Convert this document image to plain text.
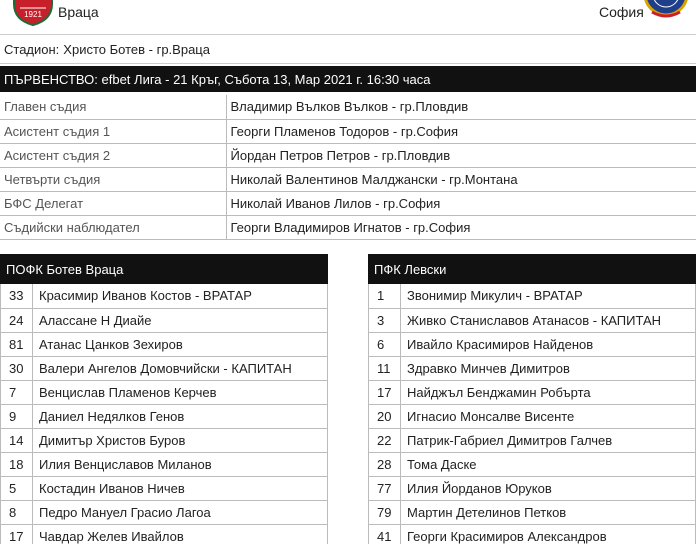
1921 Враца	София
Стадион: Христо Ботев - гр.Враца
ПЪРВЕНСТВО: efbet Лига - 21 Кръг, Събота 13, Мар 2021 г. 16:30 часа
Главен съдия	Владимир Вълков Вълков - гр.Пловдив
Асистент съдия 1	Георги Пламенов Тодоров - гр.София
Асистент съдия 2	Йордан Петров Петров - гр.Пловдив
Четвърти съдия	Николай Валентинов Малджански - гр.Монтана
БФС Делегат	Николай Иванов Лилов - гр.София
Съдийски наблюдател	Георги Владимиров Игнатов - гр.София
ПОФК Ботев Враца
33	Красимир Иванов Костов - ВРАТАР
24	Алассане Н Диайе
81	Атанас Цанков Зехиров
30	Валери Ангелов Домовчийски - КАПИТАН
7	Венцислав Пламенов Керчев
9	Даниел Недялков Генов
14	Димитър Христов Буров
18	Илия Венциславов Миланов
5	Костадин Иванов Ничев
8	Педро Мануел Грасио Лагоа
17	Чавдар Желев Ивайлов
ПФК Левски
1	Звонимир Микулич - ВРАТАР
3	Живко Станиславов Атанасов - КАПИТАН
6	Ивайло Красимиров Найденов
11	Здравко Минчев Димитров
17	Найджъл Бенджамин Робърта
20	Игнасио Монсалве Висенте
22	Патрик-Габриел Димитров Галчев
28	Тома Даске
77	Илия Йорданов Юруков
79	Мартин Детелинов Петков
41	Георги Красимиров Александров
